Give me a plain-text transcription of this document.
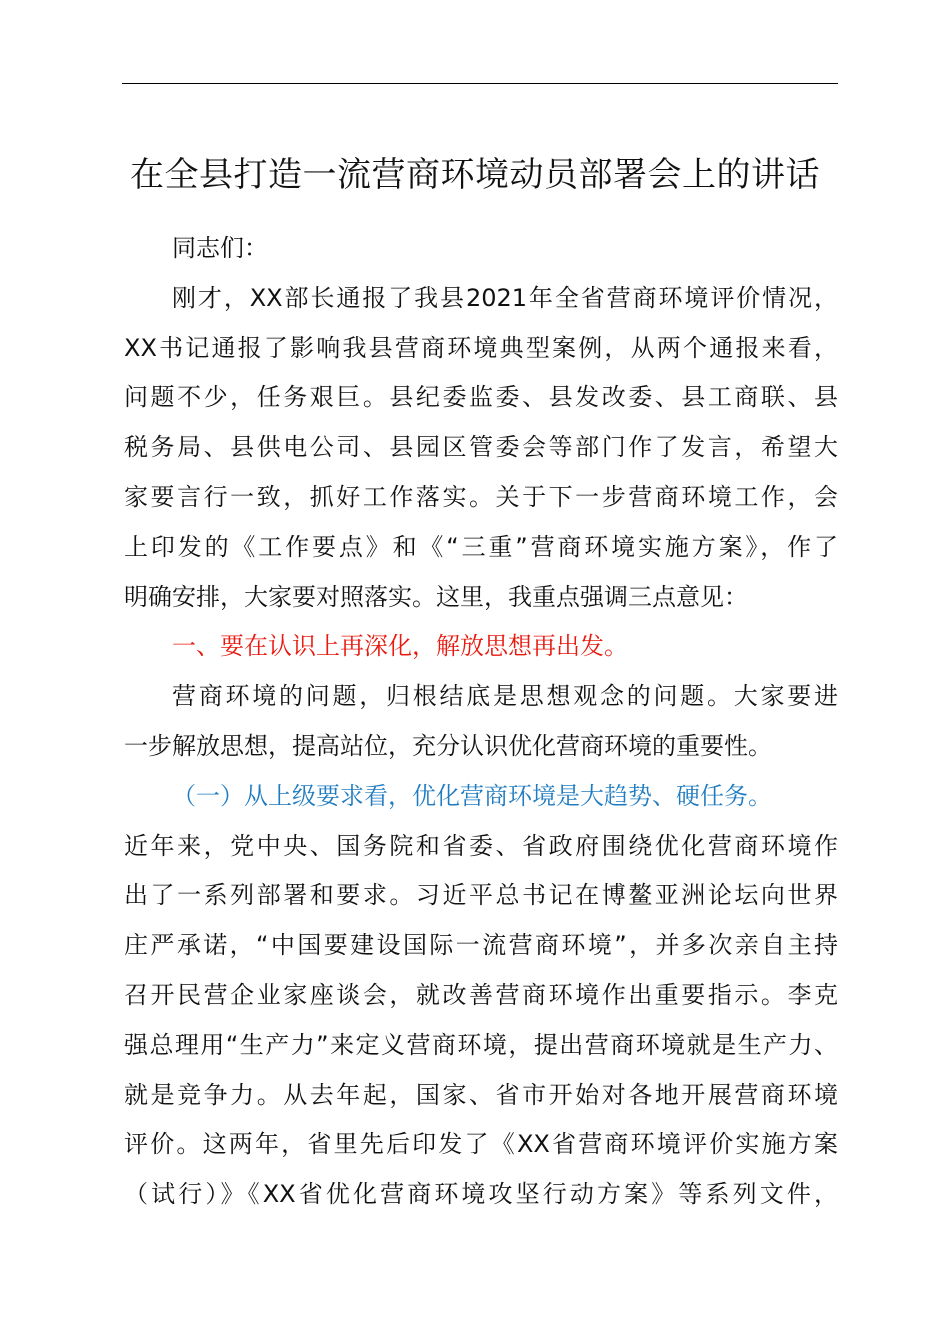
在全县打造一流营商环境动员部署会上的讲话
同志们：
刚才，XX部长通报了我县2021年全省营商环境评价情况，
XX书记通报了影响我县营商环境典型案例，从两个通报来看，
问题不少，任务艰巨。县纪委监委、县发改委、县工商联、县
税务局、县供电公司、县园区管委会等部门作了发言，希望大
家要言行一致，抓好工作落实。关于下一步营商环境工作，会
上印发的《工作要点》和《“三重”营商环境实施方案》，作了
明确安排，大家要对照落实。这里，我重点强调三点意见：
一、要在认识上再深化，解放思想再出发。
营商环境的问题，归根结底是思想观念的问题。大家要进
一步解放思想，提高站位，充分认识优化营商环境的重要性。
（一）从上级要求看，优化营商环境是大趋势、硬任务。
近年来，党中央、国务院和省委、省政府围绕优化营商环境作
出了一系列部署和要求。习近平总书记在博鳌亚洲论坛向世界
庄严承诺，“中国要建设国际一流营商环境”，并多次亲自主持
召开民营企业家座谈会，就改善营商环境作出重要指示。李克
强总理用“生产力”来定义营商环境，提出营商环境就是生产力、
就是竞争力。从去年起，国家、省市开始对各地开展营商环境
评价。这两年，省里先后印发了《XX省营商环境评价实施方案
（试行）》《XX省优化营商环境攻坚行动方案》等系列文件，
